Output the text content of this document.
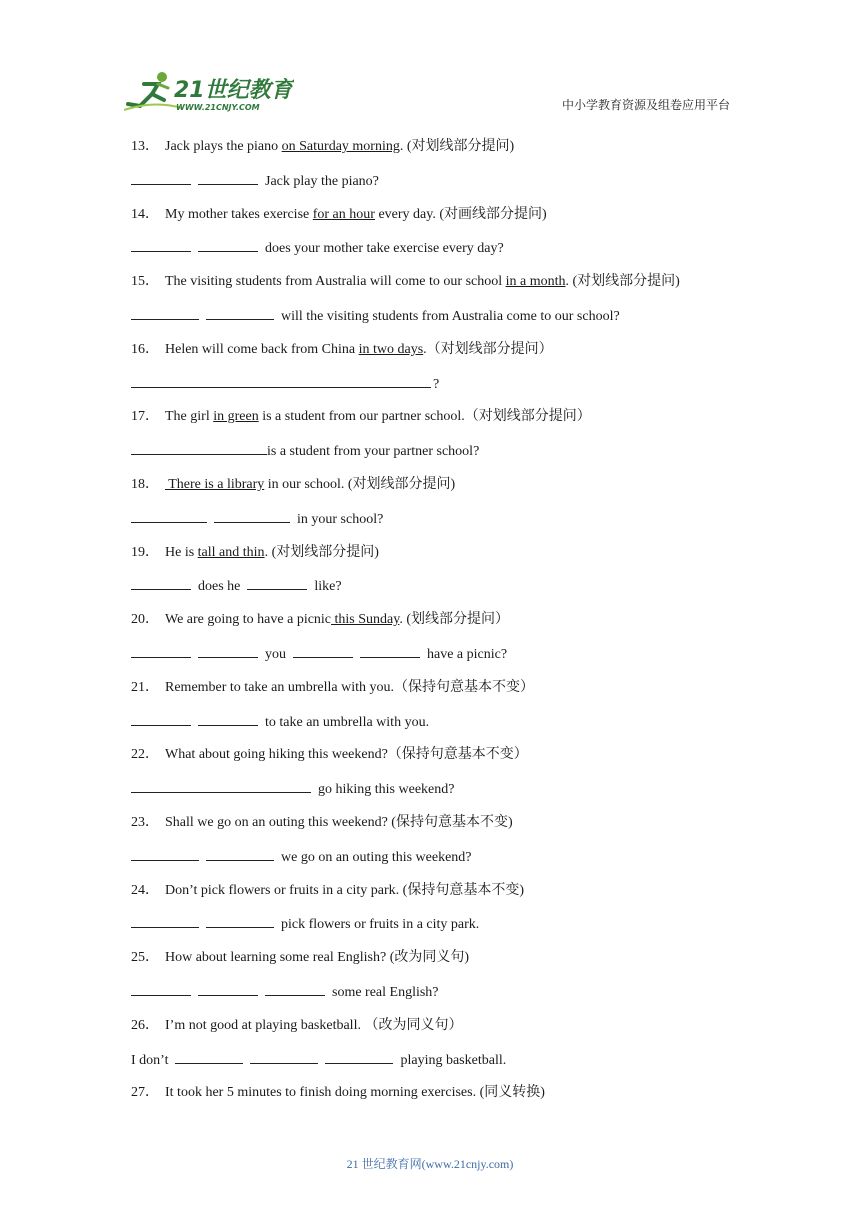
21世纪教育
WWW.21CNJY.COM	中小学教育资源及组卷应用平台
13． Jack plays the piano on Saturday morning. (对划线部分提问)
Jack play the piano?
14． My mother takes exercise for an hour every day. (对画线部分提问)
does your mother take exercise every day?
15． The visiting students from Australia will come to our school in a month. (对划线部分提问)
will the visiting students from Australia come to our school?
16． Helen will come back from China in two days.（对划线部分提问）
?
17． The girl in green is a student from our partner school.（对划线部分提问）
is a student from your partner school?
18． There is a library in our school. (对划线部分提问)
in your school?
19． He is tall and thin. (对划线部分提问)
does he	like?
20． We are going to have a picnic this Sunday. (划线部分提问）
you	have a picnic?
21． Remember to take an umbrella with you.（保持句意基本不变）
to take an umbrella with you.
22． What about going hiking this weekend?（保持句意基本不变）
go hiking this weekend?
23． Shall we go on an outing this weekend? (保持句意基本不变)
we go on an outing this weekend?
24． Don’t pick flowers or fruits in a city park. (保持句意基本不变)
pick flowers or fruits in a city park.
25． How about learning some real English? (改为同义句)
some real English?
26． I’m not good at playing basketball. （改为同义句）
I don’t	playing basketball.
27． It took her 5 minutes to finish doing morning exercises. (同义转换)
21 世纪教育网(www.21cnjy.com)
